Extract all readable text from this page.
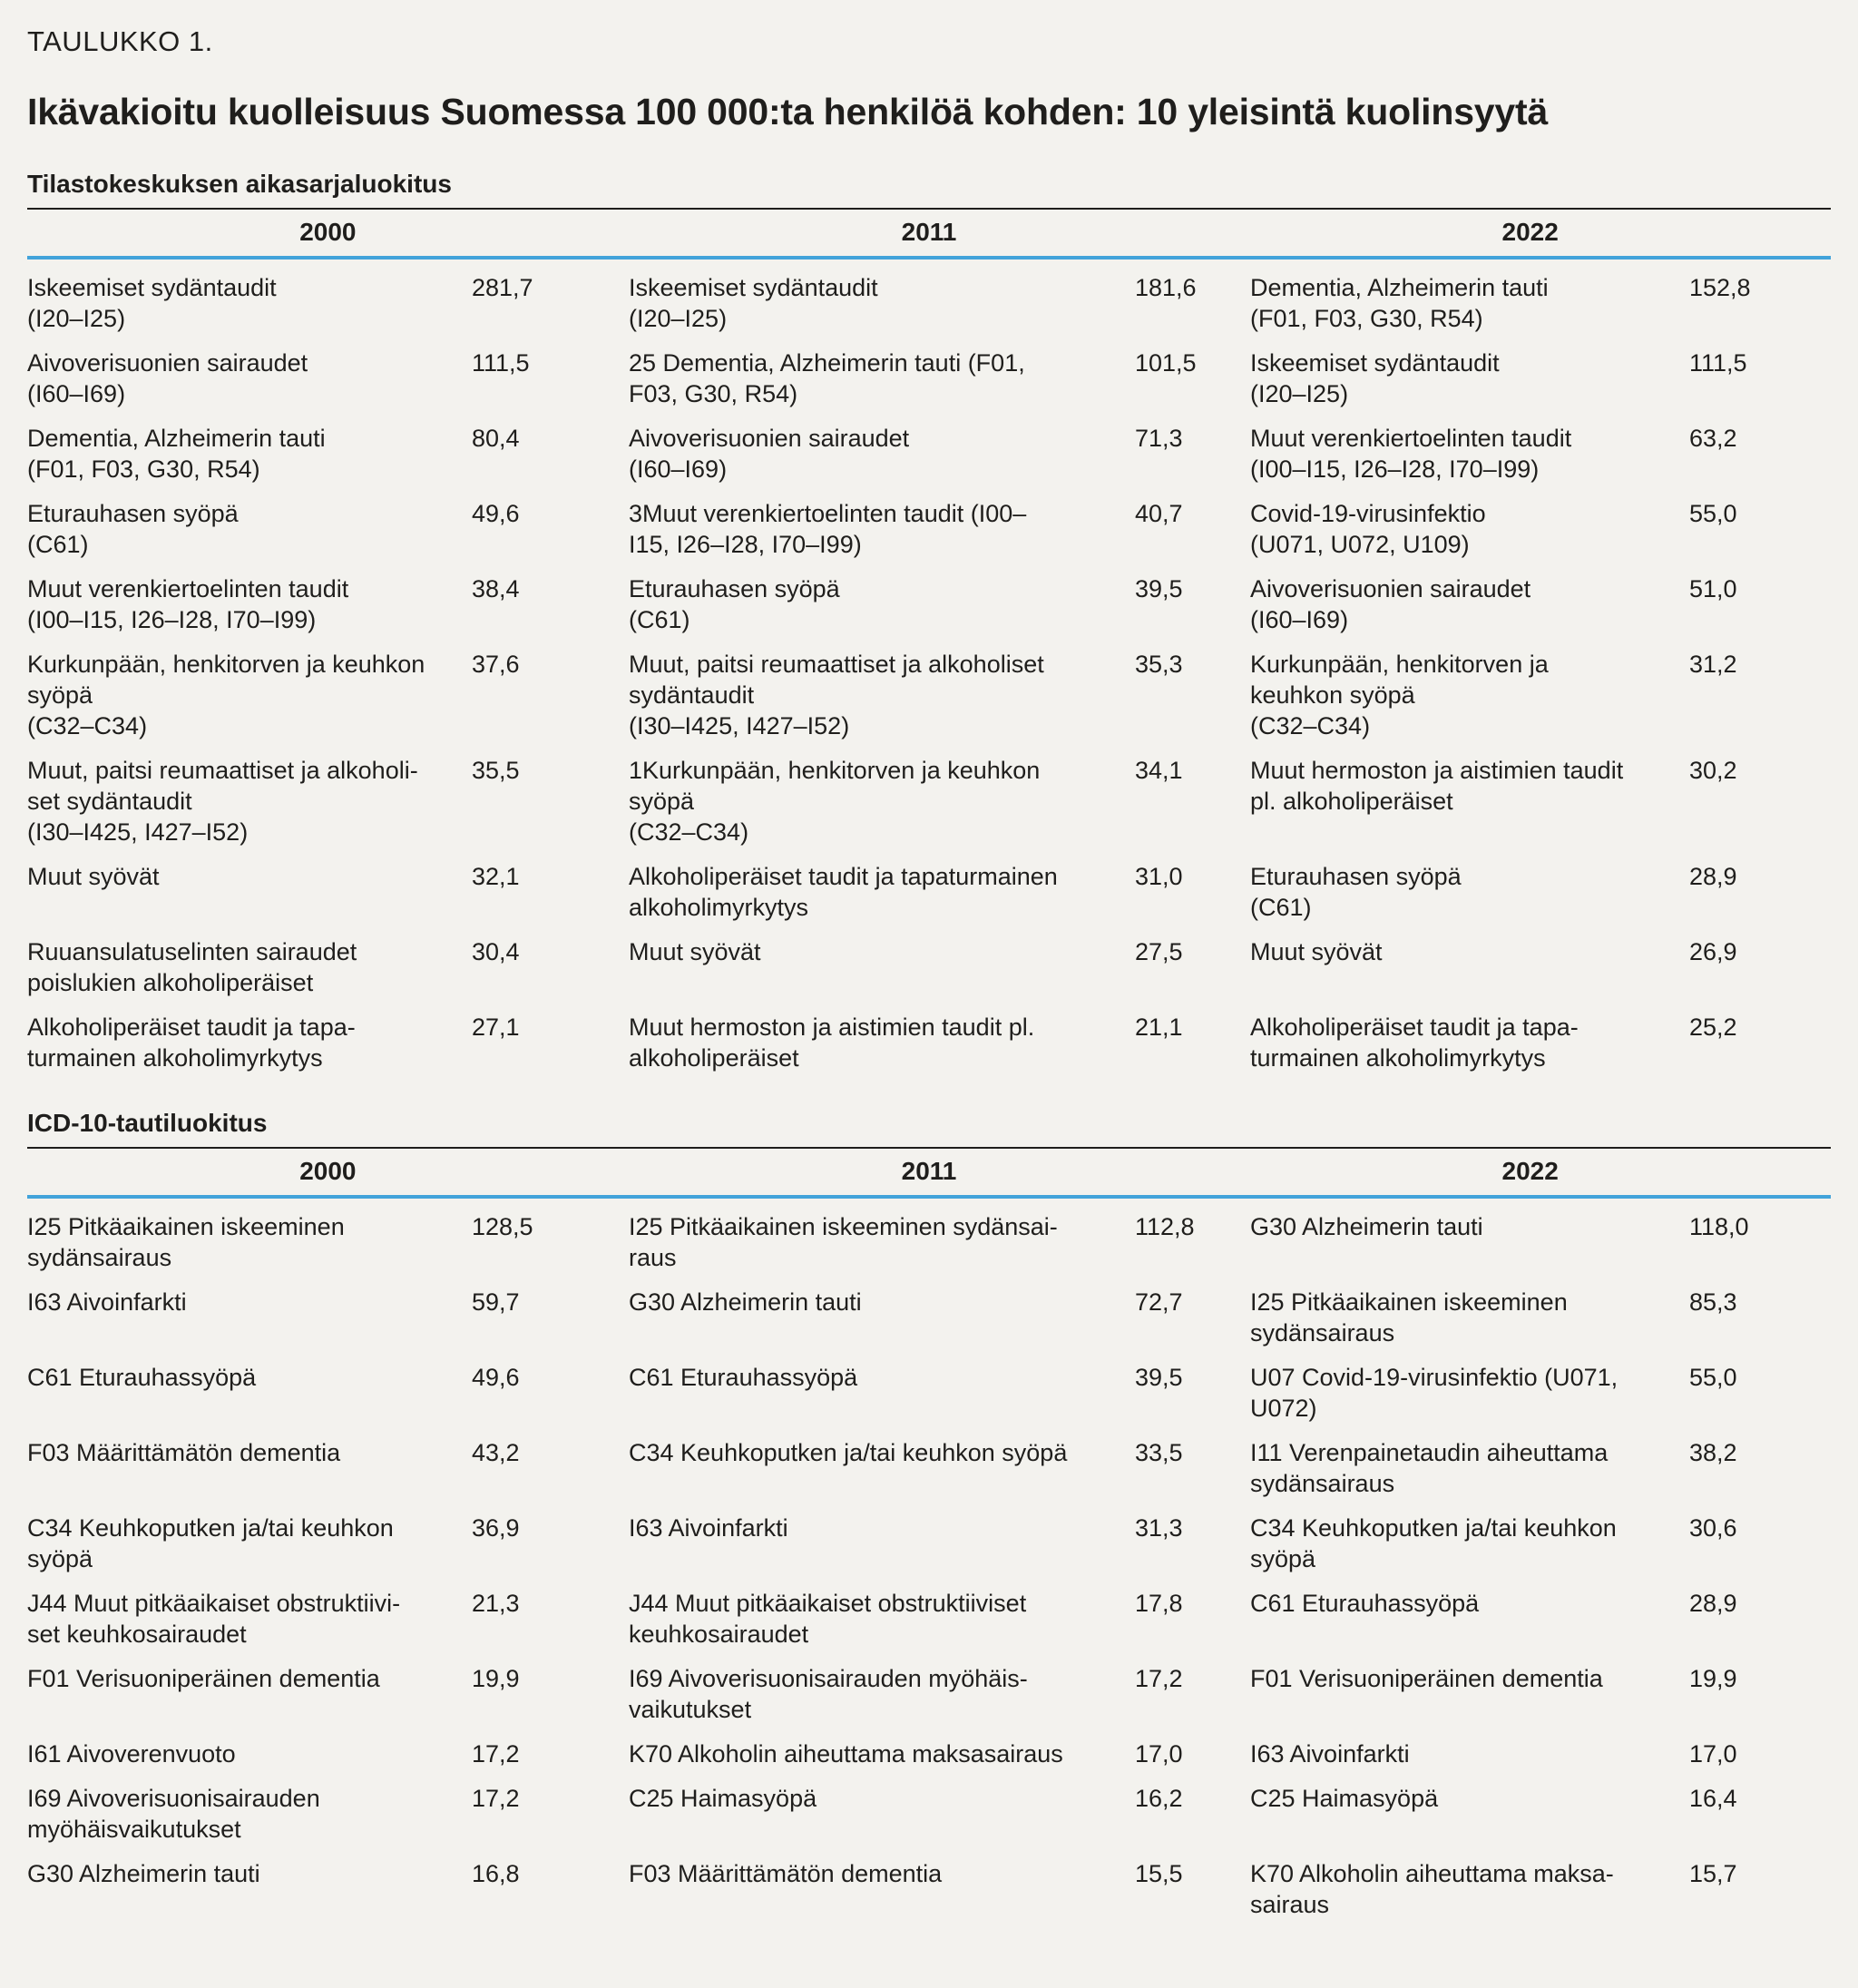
TAULUKKO 1.
Ikävakioitu kuolleisuus Suomessa 100 000:ta henkilöä kohden: 10 yleisintä kuolinsyytä
Tilastokeskuksen aikasarjaluokitus
2000	2011	2022
Iskeemiset sydäntaudit
(I20–I25)
	281,7	Iskeemiset sydäntaudit
(I20–I25)
	181,6	Dementia, Alzheimerin tauti
(F01, F03, G30, R54)
	152,8

Aivoverisuonien sairaudet
(I60–I69)
	111,5	25 Dementia, Alzheimerin tauti (F01,
F03, G30, R54)
	101,5	Iskeemiset sydäntaudit
(I20–I25)
	111,5

Dementia, Alzheimerin tauti
(F01, F03, G30, R54)
	80,4	Aivoverisuonien sairaudet
(I60–I69)
	71,3	Muut verenkiertoelinten taudit
(I00–I15, I26–I28, I70–I99)
	63,2

Eturauhasen syöpä
(C61)
	49,6	3Muut verenkiertoelinten taudit (I00–
I15, I26–I28, I70–I99)
	40,7	Covid-19-virusinfektio
(U071, U072, U109)
	55,0

Muut verenkiertoelinten taudit
(I00–I15, I26–I28, I70–I99)
	38,4	Eturauhasen syöpä
(C61)
	39,5	Aivoverisuonien sairaudet
(I60–I69)
	51,0

Kurkunpään, henkitorven ja keuhkon
syöpä
(C32–C34)
	37,6	Muut, paitsi reumaattiset ja alkoholiset
sydäntaudit
(I30–I425, I427–I52)
	35,3	Kurkunpään, henkitorven ja
keuhkon syöpä
(C32–C34)
	31,2

Muut, paitsi reumaattiset ja alkoholi-
set sydäntaudit
(I30–I425, I427–I52)
	35,5	1Kurkunpään, henkitorven ja keuhkon
syöpä
(C32–C34)
	34,1	Muut hermoston ja aistimien taudit
pl. alkoholiperäiset
	30,2

Muut syövät	32,1	Alkoholiperäiset taudit ja tapaturmainen
alkoholimyrkytys
	31,0	Eturauhasen syöpä
(C61)
	28,9

Ruuansulatuselinten sairaudet
poislukien alkoholiperäiset	30,4	Muut syövät	27,5	Muut syövät	26,9

Alkoholiperäiset taudit ja tapa-
turmainen alkoholimyrkytys
	27,1	Muut hermoston ja aistimien taudit pl.
alkoholiperäiset
	21,1	Alkoholiperäiset taudit ja tapa-
turmainen alkoholimyrkytys
	25,2
ICD-10-tautiluokitus
2000	2011	2022
I25 Pitkäaikainen iskeeminen
sydänsairaus
	128,5	I25 Pitkäaikainen iskeeminen sydänsai-
raus
	112,8	G30 Alzheimerin tauti	118,0

I63 Aivoinfarkti	59,7	G30 Alzheimerin tauti	72,7	I25 Pitkäaikainen iskeeminen
sydänsairaus	85,3

C61 Eturauhassyöpä	49,6	C61 Eturauhassyöpä	39,5	U07 Covid-19-virusinfektio (U071,
U072)	55,0

F03 Määrittämätön dementia	43,2	C34 Keuhkoputken ja/tai keuhkon syöpä	33,5	I11 Verenpainetaudin aiheuttama
sydänsairaus	38,2

C34 Keuhkoputken ja/tai keuhkon
syöpä
	36,9	I63 Aivoinfarkti	31,3	C34 Keuhkoputken ja/tai keuhkon
syöpä
	30,6

J44 Muut pitkäaikaiset obstruktiivi-
set keuhkosairaudet
	21,3	J44 Muut pitkäaikaiset obstruktiiviset
keuhkosairaudet
	17,8	C61 Eturauhassyöpä	28,9

F01 Verisuoniperäinen dementia	19,9	I69 Aivoverisuonisairauden myöhäis-
vaikutukset	17,2	F01 Verisuoniperäinen dementia	19,9

I61 Aivoverenvuoto	17,2	K70 Alkoholin aiheuttama maksasairaus	17,0	I63 Aivoinfarkti	17,0

I69 Aivoverisuonisairauden
myöhäisvaikutukset	17,2	C25 Haimasyöpä	16,2	C25 Haimasyöpä	16,4

G30 Alzheimerin tauti	16,8	F03 Määrittämätön dementia	15,5	K70 Alkoholin aiheuttama maksa-
sairaus	15,7
